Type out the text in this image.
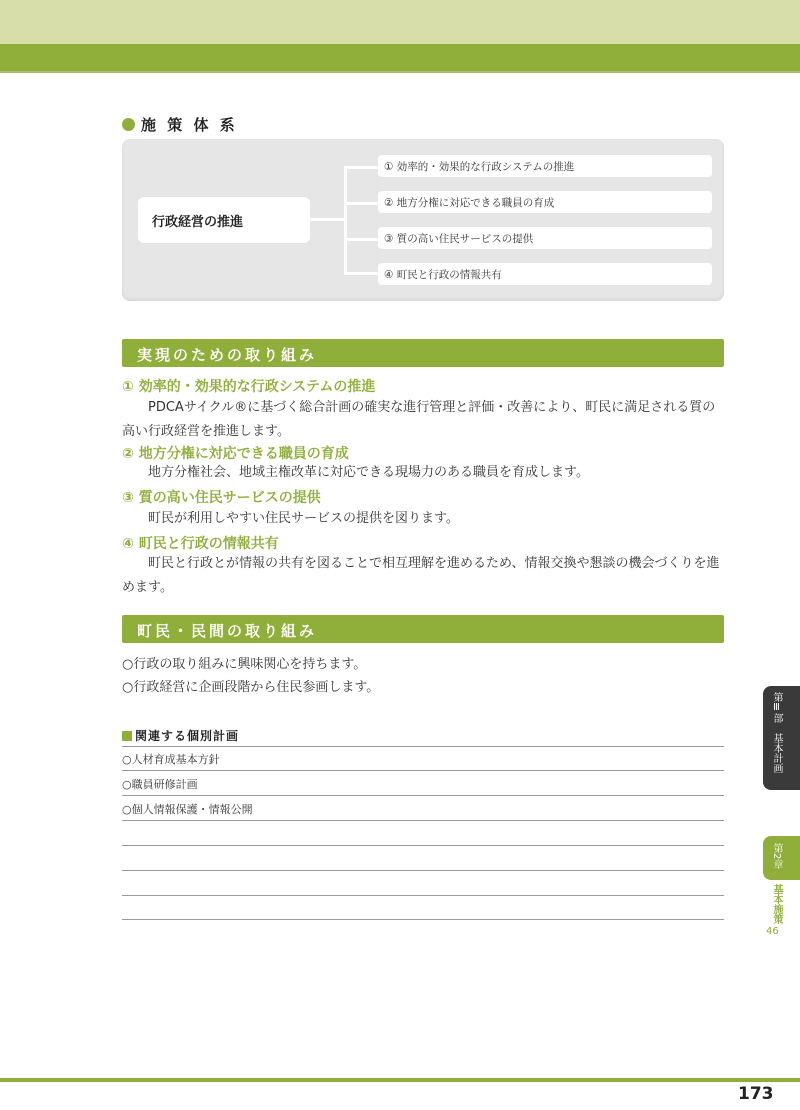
施 策 体 系
行政経営の推進
① 効率的・効果的な行政システムの推進
② 地方分権に対応できる職員の育成
③ 質の高い住民サービスの提供
④ 町民と行政の情報共有
実現のための取り組み
① 効率的・効果的な行政システムの推進
PDCAサイクル®に基づく総合計画の確実な進行管理と評価・改善により、町民に満足される質の高い行政経営を推進します。
② 地方分権に対応できる職員の育成
地方分権社会、地域主権改革に対応できる現場力のある職員を育成します。
③ 質の高い住民サービスの提供
町民が利用しやすい住民サービスの提供を図ります。
④ 町民と行政の情報共有
町民と行政とが情報の共有を図ることで相互理解を進めるため、情報交換や懇談の機会づくりを進めます。
町民・民間の取り組み
○行政の取り組みに興味関心を持ちます。
○行政経営に企画段階から住民参画します。
関連する個別計画
○人材育成基本方針
○職員研修計画
○個人情報保護・情報公開
第Ⅲ部　基本計画
第2章
基本施策
46
173
